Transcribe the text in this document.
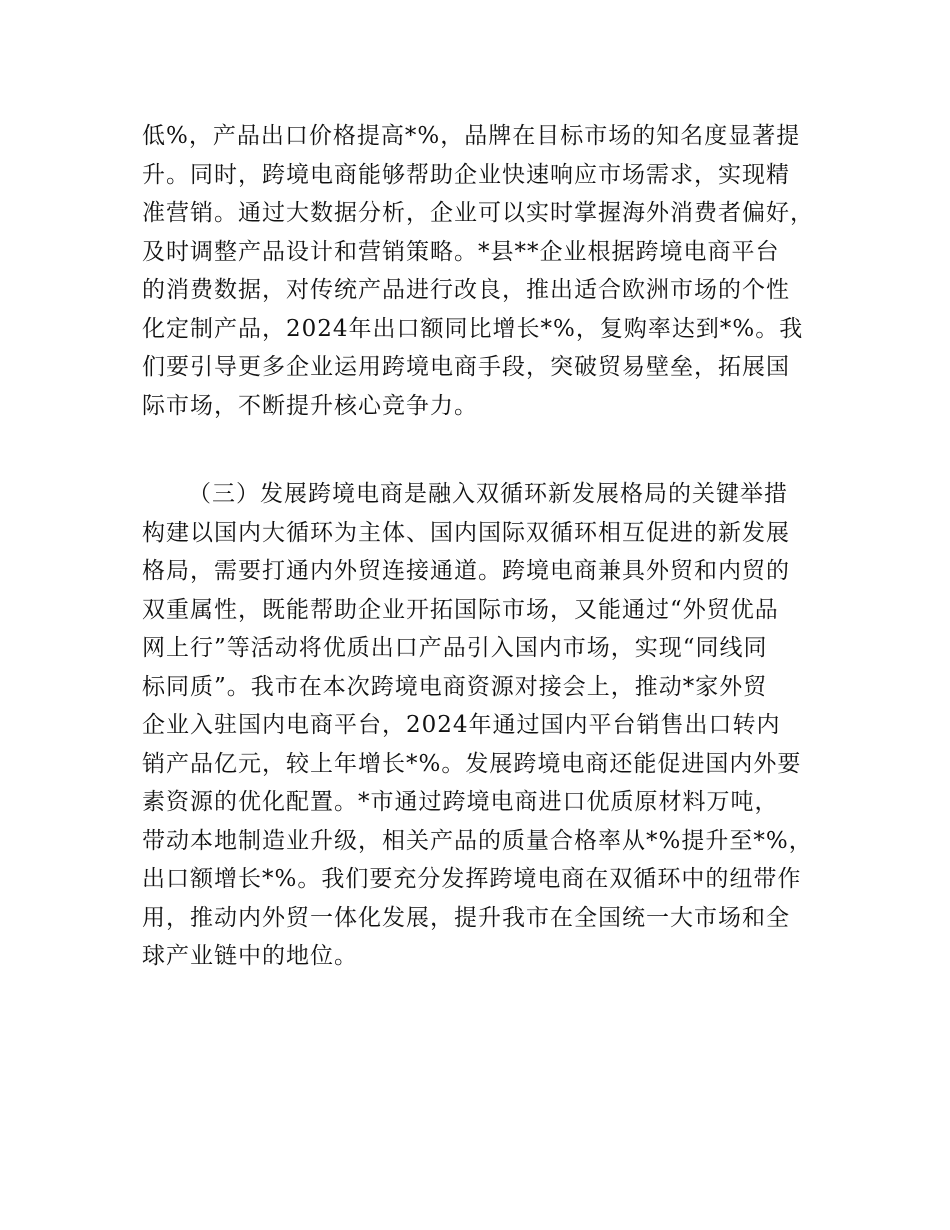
低%，产品出口价格提高*%，品牌在目标市场的知名度显著提
升。同时，跨境电商能够帮助企业快速响应市场需求，实现精
准营销。通过大数据分析，企业可以实时掌握海外消费者偏好，
及时调整产品设计和营销策略。*县**企业根据跨境电商平台
的消费数据，对传统产品进行改良，推出适合欧洲市场的个性
化定制产品，2024年出口额同比增长*%，复购率达到*%。我
们要引导更多企业运用跨境电商手段，突破贸易壁垒，拓展国
际市场，不断提升核心竞争力。

（三）发展跨境电商是融入双循环新发展格局的关键举措
构建以国内大循环为主体、国内国际双循环相互促进的新发展
格局，需要打通内外贸连接通道。跨境电商兼具外贸和内贸的
双重属性，既能帮助企业开拓国际市场，又能通过“外贸优品
网上行”等活动将优质出口产品引入国内市场，实现“同线同
标同质”。我市在本次跨境电商资源对接会上，推动*家外贸
企业入驻国内电商平台，2024年通过国内平台销售出口转内
销产品亿元，较上年增长*%。发展跨境电商还能促进国内外要
素资源的优化配置。*市通过跨境电商进口优质原材料万吨，
带动本地制造业升级，相关产品的质量合格率从*%提升至*%，
出口额增长*%。我们要充分发挥跨境电商在双循环中的纽带作
用，推动内外贸一体化发展，提升我市在全国统一大市场和全
球产业链中的地位。
